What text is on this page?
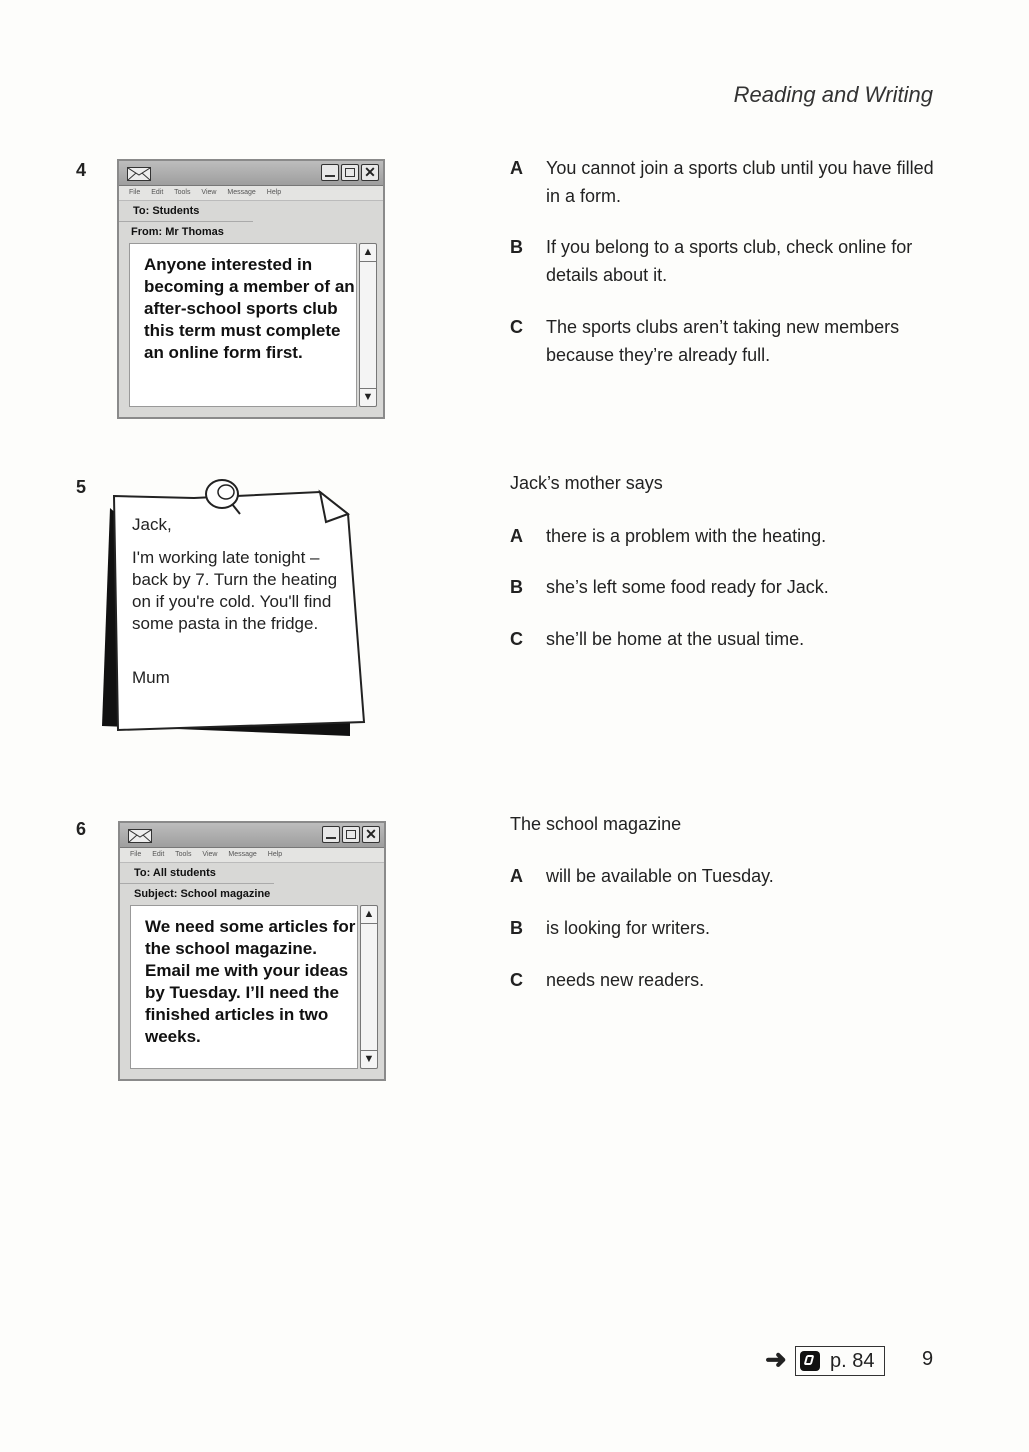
Reading and Writing
4	✕
File Edit Tools View Message Help
To: Students
From: Mr Thomas
Anyone interested in becoming a member of an after-school sports club this term must complete an online form first.
▲
▼
A	You cannot join a sports club until you have filled in a form.
B	If you belong to a sports club, check online for details about it.
C	The sports clubs aren’t taking new members because they’re already full.
5
Jack,
I'm working late tonight – back by 7. Turn the heating on if you're cold. You'll find some pasta in the fridge.
Mum
Jack’s mother says
A	there is a problem with the heating.
B	she’s left some food ready for Jack.
C	she’ll be home at the usual time.
6	✕
File Edit Tools View Message Help
To: All students
Subject: School magazine
We need some articles for the school magazine. Email me with your ideas by Tuesday. I’ll need the finished articles in two weeks.
▲
▼
The school magazine
A	will be available on Tuesday.
B	is looking for writers.
C	needs new readers.
➜ p. 84 9
